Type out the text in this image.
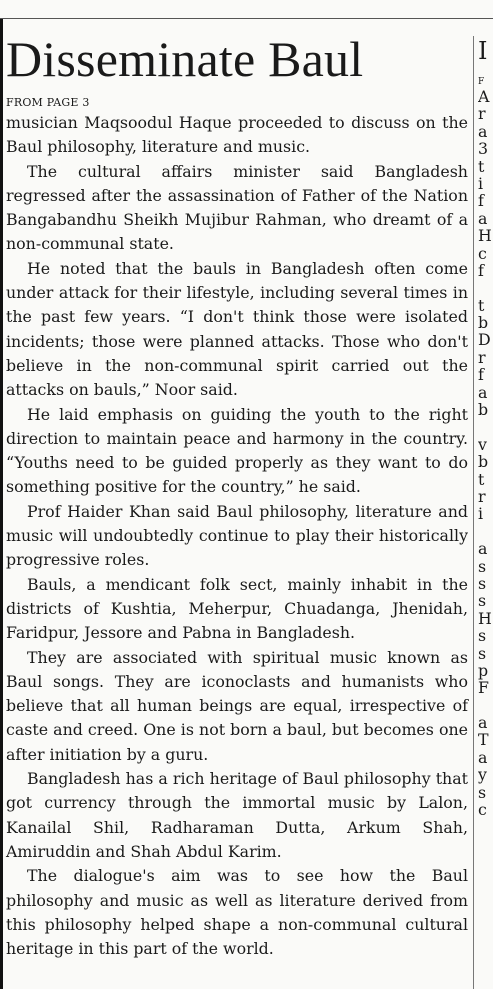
Disseminate Baul
FROM PAGE 3

musician Maqsoodul Haque proceeded to discuss on the Baul philosophy, literature and music.

The cultural affairs minister said Bangladesh regressed after the assassination of Father of the Nation Bangabandhu Sheikh Mujibur Rahman, who dreamt of a non-communal state.

He noted that the bauls in Bangladesh often come under attack for their lifestyle, including several times in the past few years. “I don't think those were isolated incidents; those were planned attacks. Those who don't believe in the non-communal spirit carried out the attacks on bauls,” Noor said.

He laid emphasis on guiding the youth to the right direction to maintain peace and harmony in the country. “Youths need to be guided properly as they want to do something positive for the country,” he said.

Prof Haider Khan said Baul philosophy, literature and music will undoubtedly continue to play their historically progressive roles.

Bauls, a mendicant folk sect, mainly inhabit in the districts of Kushtia, Meherpur, Chuadanga, Jhenidah, Faridpur, Jessore and Pabna in Bangladesh.

They are associated with spiritual music known as Baul songs. They are iconoclasts and humanists who believe that all human beings are equal, irrespective of caste and creed. One is not born a baul, but becomes one after initiation by a guru.

Bangladesh has a rich heritage of Baul philosophy that got currency through the immortal music by Lalon, Kanailal Shil, Radharaman Dutta, Arkum Shah, Amiruddin and Shah Abdul Karim.

The dialogue's aim was to see how the Baul philosophy and music as well as literature derived from this philosophy helped shape a non-communal cultural heritage in this part of the world.

I
F
A
r
a
3
t
i
f
a
H
c
f
t
b
D
r
f
a
b
v
b
t
r
i
a
s
s
s
H
s
s
p
F
a
T
a
y
s
c
